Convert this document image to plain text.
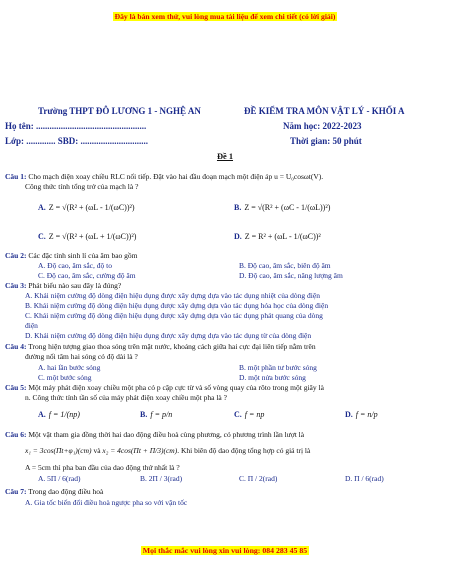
Đây là bản xem thử, vui lòng mua tài liệu để xem chi tiết (có lời giải)
Trường THPT ĐÔ LƯƠNG 1 - NGHỆ AN	ĐỀ KIỂM TRA MÔN VẬT LÝ - KHỐI A
Họ tên: .................................................	Năm học: 2022-2023
Lớp: ............. SBD: ..............................	Thời gian: 50 phút
Đề 1
Câu 1: Cho mạch điện xoay chiều RLC nối tiếp. Đặt vào hai đầu đoạn mạch một điện áp u = U₀cosωt(V).
Công thức tính tổng trở của mạch là ?
A. Z = √(R² + (ωL - 1/(ωC))²)	B. Z = √(R² + (ωC - 1/(ωL))²)
C. Z = √(R² + (ωL + 1/(ωC))²)	D. Z = R² + (ωL - 1/(ωC))²
Câu 2: Các đặc tính sinh lí của âm bao gồm
A. Độ cao, âm sắc, độ to	B. Độ cao, âm sắc, biên độ âm
C. Độ cao, âm sắc, cường độ âm	D. Độ cao, âm sắc, năng lượng âm
Câu 3: Phát biểu nào sau đây là đúng?
A. Khái niệm cường độ dòng điện hiệu dụng được xây dựng dựa vào tác dụng nhiệt của dòng điện
B. Khái niệm cường độ dòng điện hiệu dụng được xây dựng dựa vào tác dụng hóa học của dòng điện
C. Khái niệm cường độ dòng điện hiệu dụng được xây dựng dựa vào tác dụng phát quang của dòng
điện
D. Khái niệm cường độ dòng điện hiệu dụng được xây dựng dựa vào tác dụng từ của dòng điện
Câu 4: Trong hiện tượng giao thoa sóng trên mặt nước, khoảng cách giữa hai cực đại liên tiếp nằm trên
đường nối tâm hai sóng có độ dài là ?
A. hai lần bước sóng	B. một phần tư bước sóng
C. một bước sóng	D. một nửa bước sóng
Câu 5: Một máy phát điện xoay chiều một pha có p cặp cực từ và số vòng quay của rôto trong một giây là
n. Công thức tính tần số của máy phát điện xoay chiều một pha là ?
A. f = 1/(np)	B. f = p/n	C. f = np	D. f = n/p
Câu 6: Một vật tham gia đồng thời hai dao động điều hoà cùng phương, có phương trình lần lượt là
x₁ = 3cos(Πt+φ₁)(cm) và x₂ = 4cos(Πt + Π/3)(cm). Khi biên độ dao động tổng hợp có giá trị là
A = 5cm thì pha ban đầu của dao động thứ nhất là ?
A. 5Π / 6(rad)	B. 2Π / 3(rad)	C. Π / 2(rad)	D. Π / 6(rad)
Câu 7: Trong dao động điều hoà
A. Gia tốc biến đổi điều hoà ngược pha so với vận tốc
Mọi thắc mắc vui lòng xin vui lòng: 084 283 45 85
